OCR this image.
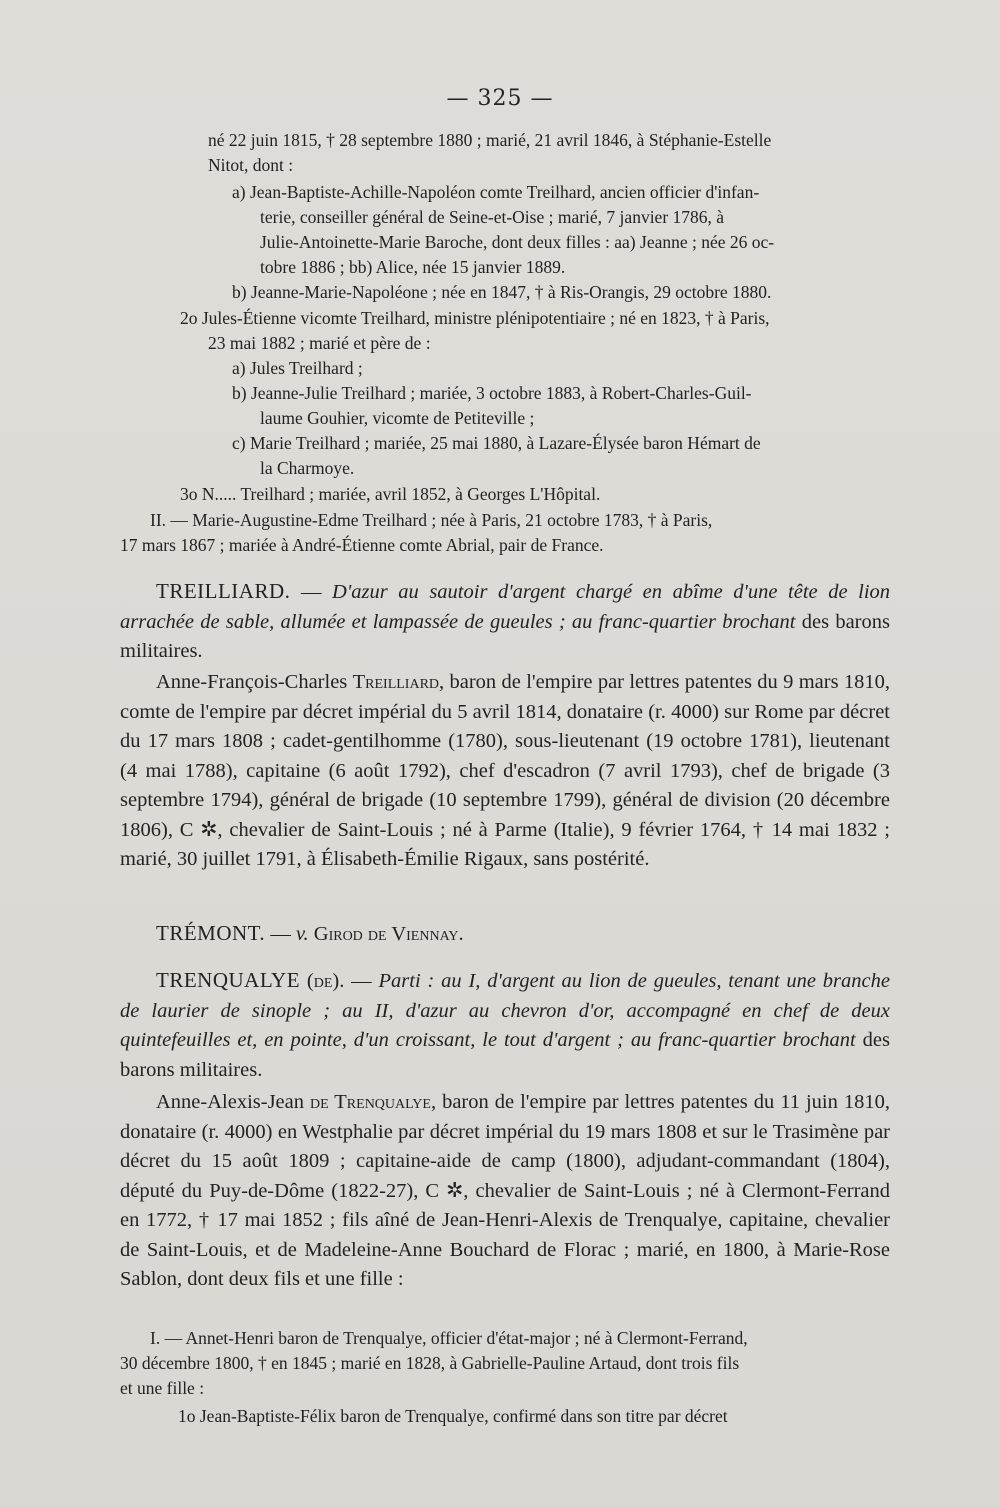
— 325 —
né 22 juin 1815, † 28 septembre 1880 ; marié, 21 avril 1846, à Stéphanie-Estelle
Nitot, dont :
a) Jean-Baptiste-Achille-Napoléon comte Treilhard, ancien officier d'infan-
terie, conseiller général de Seine-et-Oise ; marié, 7 janvier 1786, à
Julie-Antoinette-Marie Baroche, dont deux filles : aa) Jeanne ; née 26 oc-
tobre 1886 ; bb) Alice, née 15 janvier 1889.
b) Jeanne-Marie-Napoléone ; née en 1847, † à Ris-Orangis, 29 octobre 1880.
2o Jules-Étienne vicomte Treilhard, ministre plénipotentiaire ; né en 1823, † à Paris,
23 mai 1882 ; marié et père de :
a) Jules Treilhard ;
b) Jeanne-Julie Treilhard ; mariée, 3 octobre 1883, à Robert-Charles-Guil-
laume Gouhier, vicomte de Petiteville ;
c) Marie Treilhard ; mariée, 25 mai 1880, à Lazare-Élysée baron Hémart de
la Charmoye.
3o N..... Treilhard ; mariée, avril 1852, à Georges L'Hôpital.
II. — Marie-Augustine-Edme Treilhard ; née à Paris, 21 octobre 1783, † à Paris,
17 mars 1867 ; mariée à André-Étienne comte Abrial, pair de France.
TREILLIARD. — D'azur au sautoir d'argent chargé en abîme d'une tête de lion arrachée de sable, allumée et lampassée de gueules ; au franc-quartier brochant des barons militaires.
Anne-François-Charles Treilliard, baron de l'empire par lettres patentes du 9 mars 1810, comte de l'empire par décret impérial du 5 avril 1814, donataire (r. 4000) sur Rome par décret du 17 mars 1808 ; cadet-gentilhomme (1780), sous-lieutenant (19 octobre 1781), lieutenant (4 mai 1788), capitaine (6 août 1792), chef d'escadron (7 avril 1793), chef de brigade (3 septembre 1794), général de brigade (10 septembre 1799), général de division (20 décembre 1806), C ✲, chevalier de Saint-Louis ; né à Parme (Italie), 9 février 1764, † 14 mai 1832 ; marié, 30 juillet 1791, à Élisabeth-Émilie Rigaux, sans postérité.
TRÉMONT. — v. Girod de Viennay.
TRENQUALYE (de). — Parti : au I, d'argent au lion de gueules, tenant une branche de laurier de sinople ; au II, d'azur au chevron d'or, accompagné en chef de deux quintefeuilles et, en pointe, d'un croissant, le tout d'argent ; au franc-quartier brochant des barons militaires.
Anne-Alexis-Jean de Trenqualye, baron de l'empire par lettres patentes du 11 juin 1810, donataire (r. 4000) en Westphalie par décret impérial du 19 mars 1808 et sur le Trasimène par décret du 15 août 1809 ; capitaine-aide de camp (1800), adjudant-commandant (1804), député du Puy-de-Dôme (1822-27), C ✲, chevalier de Saint-Louis ; né à Clermont-Ferrand en 1772, † 17 mai 1852 ; fils aîné de Jean-Henri-Alexis de Trenqualye, capitaine, chevalier de Saint-Louis, et de Madeleine-Anne Bouchard de Florac ; marié, en 1800, à Marie-Rose Sablon, dont deux fils et une fille :
I. — Annet-Henri baron de Trenqualye, officier d'état-major ; né à Clermont-Ferrand,
30 décembre 1800, † en 1845 ; marié en 1828, à Gabrielle-Pauline Artaud, dont trois fils
et une fille :
1o Jean-Baptiste-Félix baron de Trenqualye, confirmé dans son titre par décret
